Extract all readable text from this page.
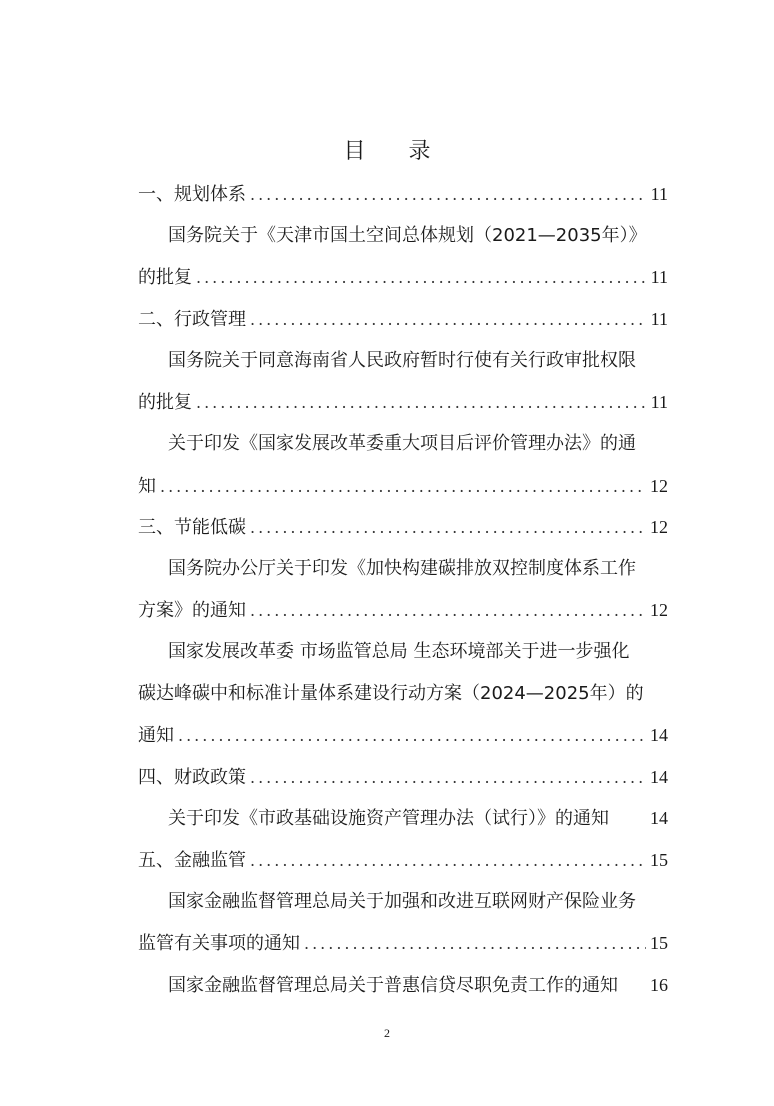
目 录
一、规划体系 .....	11
国务院关于《天津市国土空间总体规划（2021—2035年）》
的批复 .....	11
二、行政管理 .....	11
国务院关于同意海南省人民政府暂时行使有关行政审批权限
的批复 .....	11
关于印发《国家发展改革委重大项目后评价管理办法》的通
知 .....	12
三、节能低碳 .....	12
国务院办公厅关于印发《加快构建碳排放双控制度体系工作
方案》的通知 .....	12
国家发展改革委 市场监管总局 生态环境部关于进一步强化
碳达峰碳中和标准计量体系建设行动方案（2024—2025年）的
通知 .....	14
四、财政政策 .....	14
关于印发《市政基础设施资产管理办法（试行）》的通知 14
五、金融监管 .....	15
国家金融监督管理总局关于加强和改进互联网财产保险业务
监管有关事项的通知 .....	15
国家金融监督管理总局关于普惠信贷尽职免责工作的通知 16
2
